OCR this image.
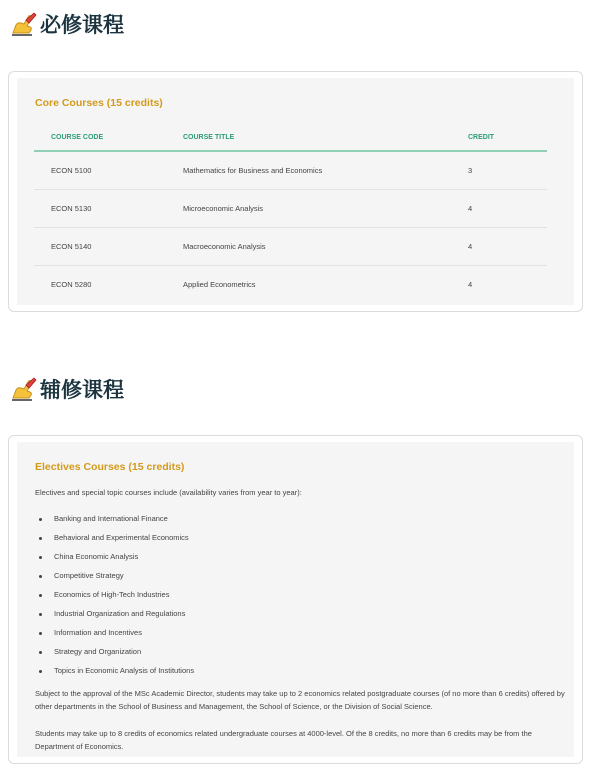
必修课程
Core Courses (15 credits)
COURSE CODE	COURSE TITLE	CREDIT
ECON 5100	Mathematics for Business and Economics	3
ECON 5130	Microeconomic Analysis	4
ECON 5140	Macroeconomic Analysis	4
ECON 5280	Applied Econometrics	4
辅修课程
Electives Courses (15 credits)
Electives and special topic courses include (availability varies from year to year):
Banking and International Finance
Behavioral and Experimental Economics
China Economic Analysis
Competitive Strategy
Economics of High-Tech Industries
Industrial Organization and Regulations
Information and Incentives
Strategy and Organization
Topics in Economic Analysis of Institutions

Subject to the approval of the MSc Academic Director, students may take up to 2 economics related postgraduate courses (of no more than 6 credits) offered by other departments in the School of Business and Management, the School of Science, or the Division of Social Science.

Students may take up to 8 credits of economics related undergraduate courses at 4000-level. Of the 8 credits, no more than 6 credits may be from the Department of Economics.
